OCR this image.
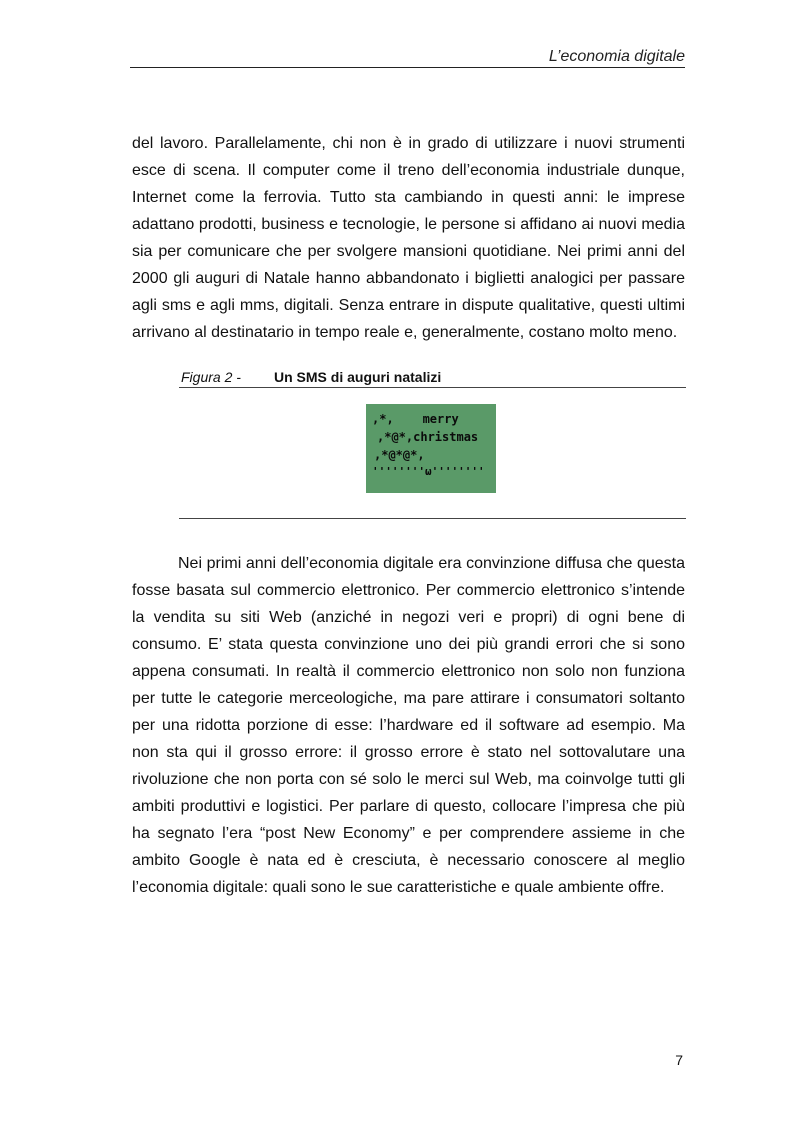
L’economia digitale

del lavoro. Parallelamente, chi non è in grado di utilizzare i nuovi strumenti esce di scena. Il computer come il treno dell’economia industriale dunque, Internet come la ferrovia. Tutto sta cambiando in questi anni: le imprese adattano prodotti, business e tecnologie, le persone si affidano ai nuovi media sia per comunicare che per svolgere mansioni quotidiane. Nei primi anni del 2000 gli auguri di Natale hanno abbandonato i biglietti analogici per passare agli sms e agli mms, digitali. Senza entrare in dispute qualitative, questi ultimi arrivano al destinatario in tempo reale e, generalmente, costano molto meno.

Figura 2 - Un SMS di auguri natalizi
,*,    merry
,*@*,christmas
,*@*@*,
''''''''ω''''''''

Nei primi anni dell’economia digitale era convinzione diffusa che questa fosse basata sul commercio elettronico. Per commercio elettronico s’intende la vendita su siti Web (anziché in negozi veri e propri) di ogni bene di consumo. E’ stata questa convinzione uno dei più grandi errori che si sono appena consumati. In realtà il commercio elettronico non solo non funziona per tutte le categorie merceologiche, ma pare attirare i consumatori soltanto per una ridotta porzione di esse: l’hardware ed il software ad esempio. Ma non sta qui il grosso errore: il grosso errore è stato nel sottovalutare una rivoluzione che non porta con sé solo le merci sul Web, ma coinvolge tutti gli ambiti produttivi e logistici. Per parlare di questo, collocare l’impresa che più ha segnato l’era “post New Economy” e per comprendere assieme in che ambito Google è nata ed è cresciuta, è necessario conoscere al meglio l’economia digitale: quali sono le sue caratteristiche e quale ambiente offre.

7
